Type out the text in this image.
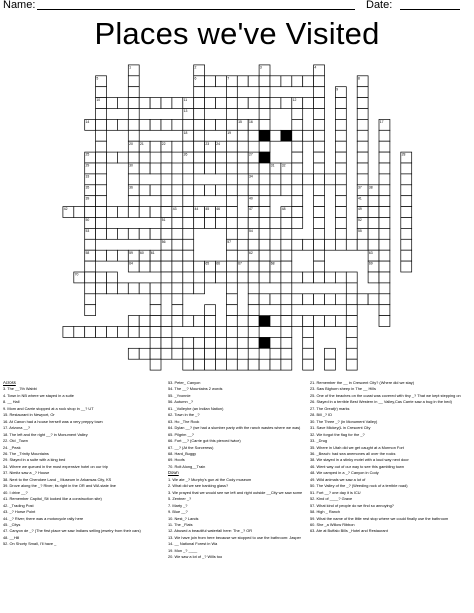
Name:	Date:
Places we've Visited
1	2	3	4
5	6	7	8
9
10	11	12
13
14	15 16	17
18	19
20 21	22	23 24
25	26	27	28
29	30	31 32
33	34
35	36	37 38
39	40	41
42	43	44 45 46	47	48	49
50	51	52
53	54	55
56	57
58	59 60 61	62	63
64	65 66	67	68	69
70
Across
3. The __7th Wabbi
4. Town in NB where we stayed in a suite
8. __ Hall
9. Mom and Carrie stopped at a rock shop in __? UT
15. Restaurant in Newport, Or
16. At Canon had a house herself was a very preppy town
17. Arizona __?
18. The left and the right __? in Monument Valley
22. Old _Town
24. _Peak
26. The _Trinity Mountains
29. Stayed in a suite with a king bed
34. Where we queued in the most expensive hotel on our trip
37. Nimitz saw a _? House
38. Next to the Cherokee Land _ Museum in Arkansas City, KS
39. Drove along the _? River; its right in the OR and WA state line
40. I drive __?
41. Remember Capitol_Sit looked like a construction site)
42. _Trading Post
43. _? Horse Point
44. _? River; there was a motorcycle rally here
45. _Citys
47. Canyon de _? (The first place we saw Indians selling jewelry from their cars)
48. __Hill
52. On Shorty Small, I'll have _
53. Peter_ Canyon
54. The __? Mountains 2 words
55. _Yvonnie
56. Autumn _?
61. _Volleyhe (an Indian Nation)
62. Town in the _?
63. Ho _The Rock
64. Dylan __? (we had a slumber party with the ranch wastes where we was)
65. Pilgrim __?
66. Fort __? (Carrie got this pierced twice)
67. __? (At the Sorceress)
68. Hard_Buggy
69. Hoofs
70. Rolt Along__Train
Down
1. We ate _? Murphy's gun at the Cody museum
2. What did we see banking glass?
3. We prayed that we would see we left and right outside __City we saw some
5. Zentner _?
7. Marty _?
9. Blue __?
10. Nest_? Lands
11. The _Flats
12. Abused a beautiful waterfall here: The _? OR
13. We have join from here because we stopped to use the bathroom: Jasper
14. __ National Forest in Wa
19. Mon _? ____
20. We saw a lot of _? Wills too
21. Remember the __ in Crescent City? (Where did we stay)
23. Saw Bighorn sheep in The __ Hills
25. One of the beaches on the coast was covered with tiny _? That we kept stepping on
26. Stayed in a terrible Best Western in __ Valley,Cas Carrie saw a bug in the bed)
27. The Great(r) marks
28. Bill _? ID
30. The Three _? (in Monument Valley)
31. Save Mickey(L in Crescent City
32. We forgot the flag for the _?
33. _Drug
35. Where in Utah did we get caught at a Mormon Fort
36. _Beach: had sea anemones all over the rocks
38. We stayed in a stinky motel with a loud way next door
46. Went way out of our way to see this gambling town
48. We camped in a _? Canyon in Cody
49. Wild animals we saw a lot of
50. The Valley of the _? (Weeding rock of a terrible road)
51. Fort __? one day it is ICU
52. Kind of ____? Grave
57. What kind of people do we find so annoying?
58. High _ Ranch
59. What the name of the little rest stop where we could finally use the bathroom
60. She _a Willow Ribbon
63. Ate at Buffalo Bills _Hotel and Restaurant
